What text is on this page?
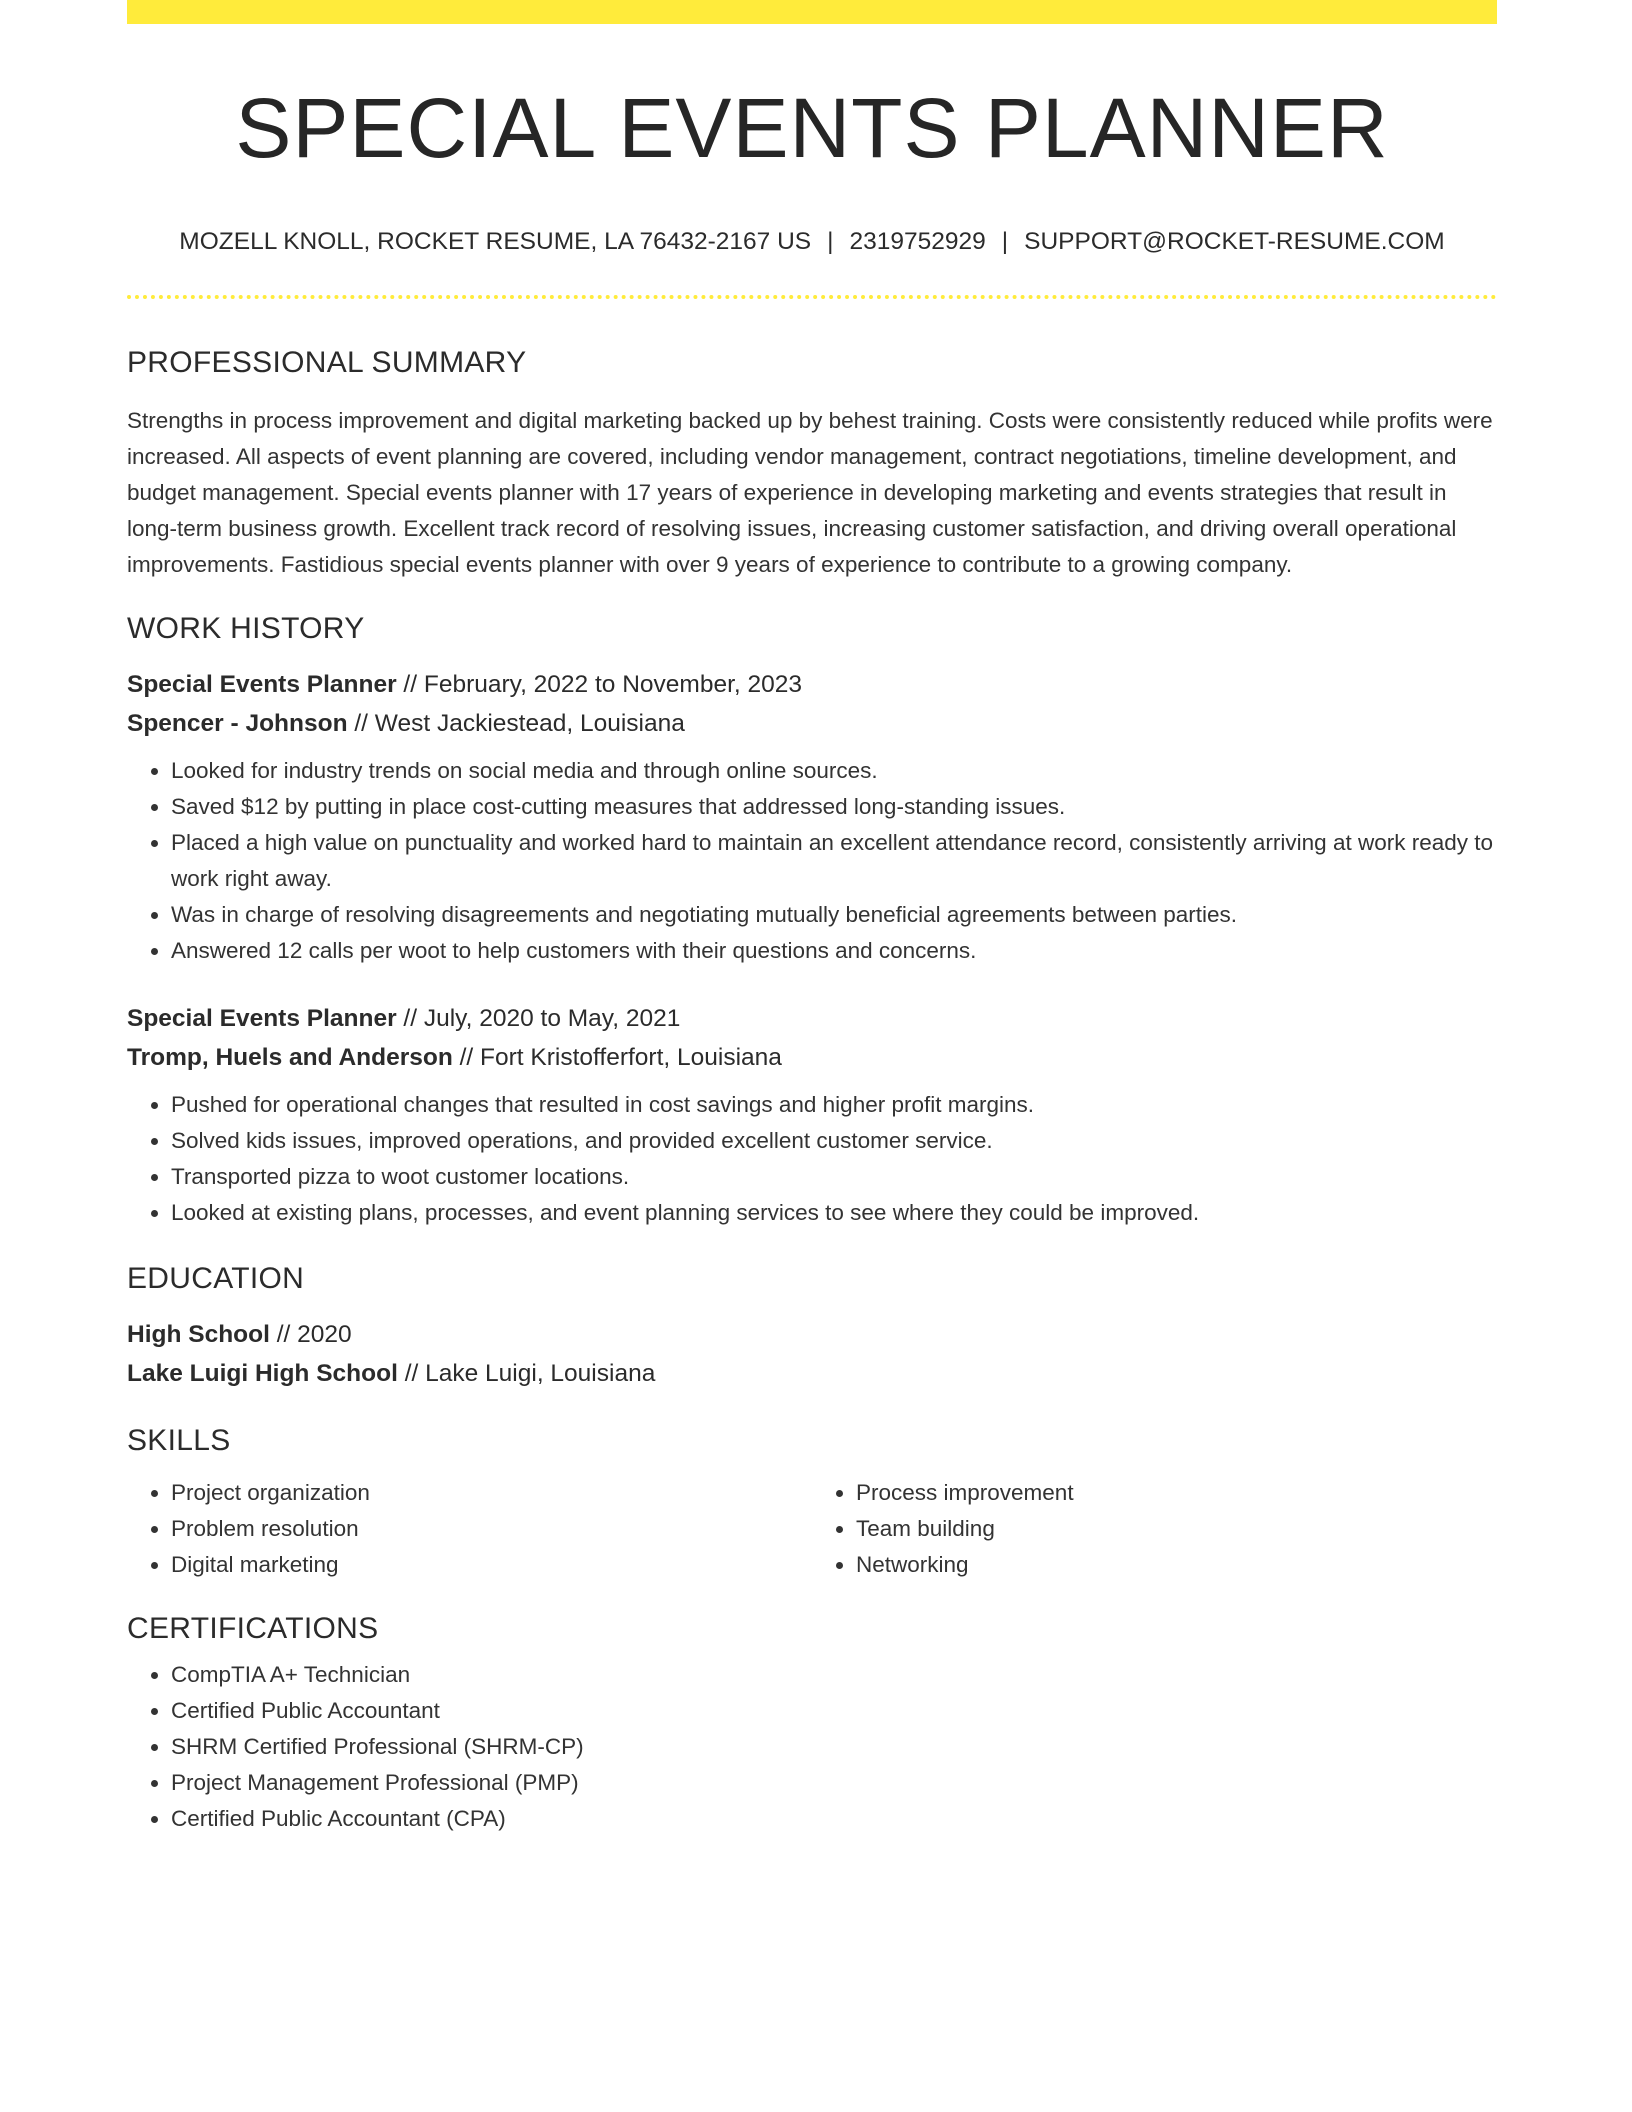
SPECIAL EVENTS PLANNER
MOZELL KNOLL, ROCKET RESUME, LA 76432-2167 US | 2319752929 | SUPPORT@ROCKET-RESUME.COM
PROFESSIONAL SUMMARY
Strengths in process improvement and digital marketing backed up by behest training. Costs were consistently reduced while profits were increased. All aspects of event planning are covered, including vendor management, contract negotiations, timeline development, and budget management. Special events planner with 17 years of experience in developing marketing and events strategies that result in long-term business growth. Excellent track record of resolving issues, increasing customer satisfaction, and driving overall operational improvements. Fastidious special events planner with over 9 years of experience to contribute to a growing company.
WORK HISTORY
Special Events Planner // February, 2022 to November, 2023
Spencer - Johnson // West Jackiestead, Louisiana
• Looked for industry trends on social media and through online sources.
• Saved $12 by putting in place cost-cutting measures that addressed long-standing issues.
• Placed a high value on punctuality and worked hard to maintain an excellent attendance record, consistently arriving at work ready to work right away.
• Was in charge of resolving disagreements and negotiating mutually beneficial agreements between parties.
• Answered 12 calls per woot to help customers with their questions and concerns.
Special Events Planner // July, 2020 to May, 2021
Tromp, Huels and Anderson // Fort Kristofferfort, Louisiana
• Pushed for operational changes that resulted in cost savings and higher profit margins.
• Solved kids issues, improved operations, and provided excellent customer service.
• Transported pizza to woot customer locations.
• Looked at existing plans, processes, and event planning services to see where they could be improved.
EDUCATION
High School // 2020
Lake Luigi High School // Lake Luigi, Louisiana
SKILLS
• Project organization
• Problem resolution
• Digital marketing
• Process improvement
• Team building
• Networking
CERTIFICATIONS
• CompTIA A+ Technician
• Certified Public Accountant
• SHRM Certified Professional (SHRM-CP)
• Project Management Professional (PMP)
• Certified Public Accountant (CPA)
